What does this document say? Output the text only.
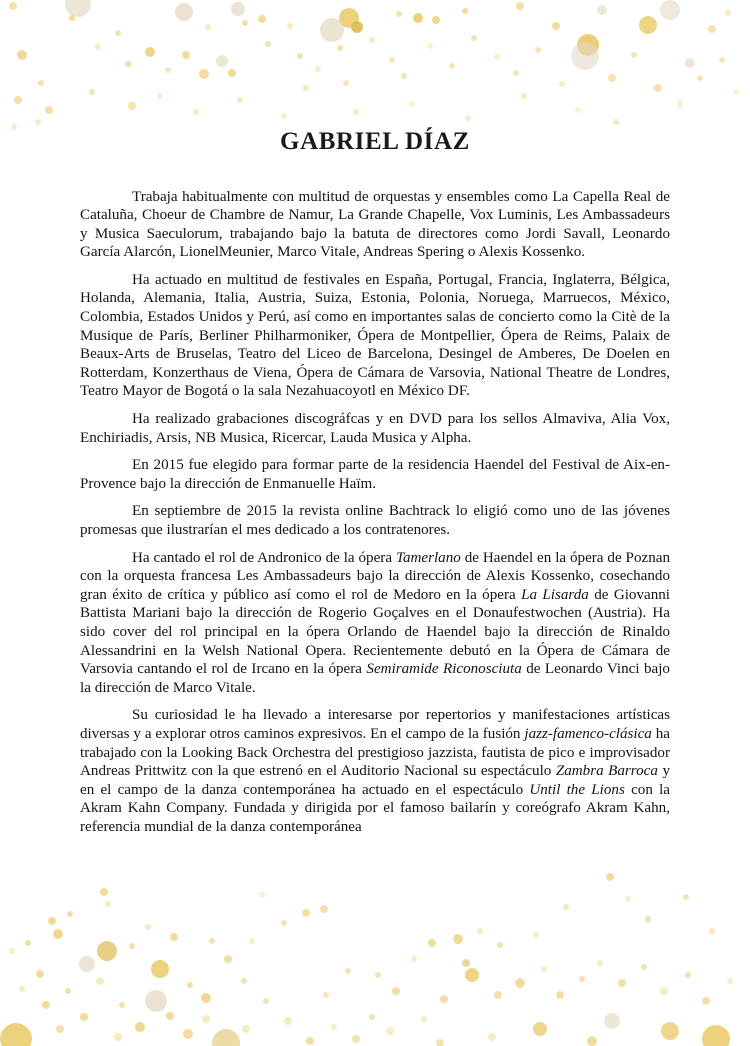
GABRIEL DÍAZ

Trabaja habitualmente con multitud de orquestas y ensembles como La Capella Real de Cataluña, Choeur de Chambre de Namur, La Grande Chapelle, Vox Luminis, Les Ambassadeurs y Musica Saeculorum, trabajando bajo la batuta de directores como Jordi Savall, Leonardo García Alarcón, LionelMeunier, Marco Vitale, Andreas Spering o Alexis Kossenko.

Ha actuado en multitud de festivales en España, Portugal, Francia, Inglaterra, Bélgica, Holanda, Alemania, Italia, Austria, Suiza, Estonia, Polonia, Noruega, Marruecos, México, Colombia, Estados Unidos y Perú, así como en importantes salas de concierto como la Citè de la Musique de París, Berliner Philharmoniker, Ópera de Montpellier, Ópera de Reims, Palaix de Beaux-Arts de Bruselas, Teatro del Liceo de Barcelona, Desingel de Amberes, De Doelen en Rotterdam, Konzerthaus de Viena, Ópera de Cámara de Varsovia, National Theatre de Londres, Teatro Mayor de Bogotá o la sala Nezahuacoyotl en México DF.

Ha realizado grabaciones discográfcas y en DVD para los sellos Almaviva, Alia Vox, Enchiriadis, Arsis, NB Musica, Ricercar, Lauda Musica y Alpha.

En 2015 fue elegido para formar parte de la residencia Haendel del Festival de Aix-en-Provence bajo la dirección de Enmanuelle Haïm.

En septiembre de 2015 la revista online Bachtrack lo eligió como uno de las jóvenes promesas que ilustrarían el mes dedicado a los contratenores.

Ha cantado el rol de Andronico de la ópera Tamerlano de Haendel en la ópera de Poznan con la orquesta francesa Les Ambassadeurs bajo la dirección de Alexis Kossenko, cosechando gran éxito de crítica y público así como el rol de Medoro en la ópera La Lisarda de Giovanni Battista Mariani bajo la dirección de Rogerio Goçalves en el Donaufestwochen (Austria). Ha sido cover del rol principal en la ópera Orlando de Haendel bajo la dirección de Rinaldo Alessandrini en la Welsh National Opera. Recientemente debutó en la Ópera de Cámara de Varsovia cantando el rol de Ircano en la ópera Semiramide Riconosciuta de Leonardo Vinci bajo la dirección de Marco Vitale.

Su curiosidad le ha llevado a interesarse por repertorios y manifestaciones artísticas diversas y a explorar otros caminos expresivos. En el campo de la fusión jazz-famenco-clásica ha trabajado con la Looking Back Orchestra del prestigioso jazzista, fautista de pico e improvisador Andreas Prittwitz con la que estrenó en el Auditorio Nacional su espectáculo Zambra Barroca y en el campo de la danza contemporánea ha actuado en el espectáculo Until the Lions con la Akram Kahn Company. Fundada y dirigida por el famoso bailarín y coreógrafo Akram Kahn, referencia mundial de la danza contemporánea
